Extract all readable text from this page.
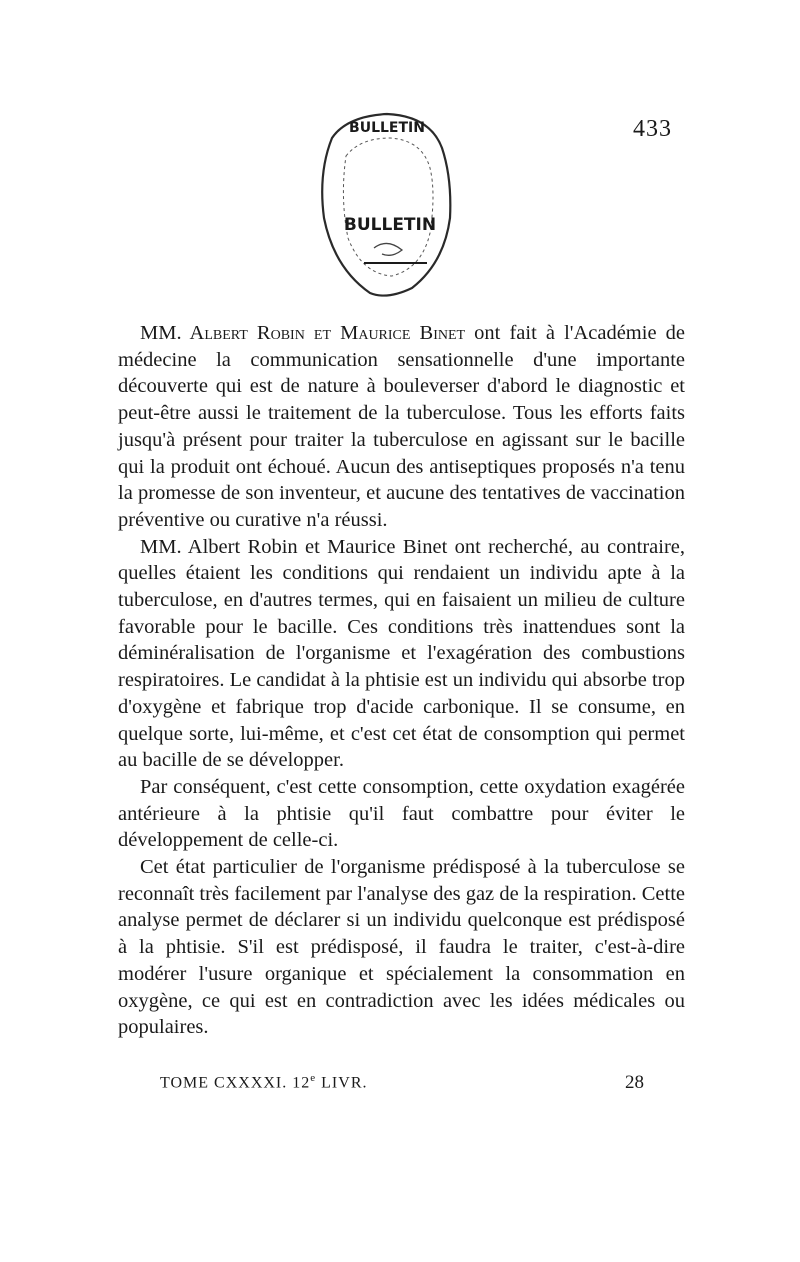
433
BULLETIN
BULLETIN

MM. Albert Robin et Maurice Binet ont fait à l'Académie de médecine la communication sensationnelle d'une importante découverte qui est de nature à bouleverser d'abord le diagnostic et peut-être aussi le traitement de la tuberculose. Tous les efforts faits jusqu'à présent pour traiter la tuberculose en agissant sur le bacille qui la produit ont échoué. Aucun des antiseptiques proposés n'a tenu la promesse de son inventeur, et aucune des tentatives de vaccination préventive ou curative n'a réussi.

MM. Albert Robin et Maurice Binet ont recherché, au contraire, quelles étaient les conditions qui rendaient un individu apte à la tuberculose, en d'autres termes, qui en faisaient un milieu de culture favorable pour le bacille. Ces conditions très inattendues sont la déminéralisation de l'organisme et l'exagération des combustions respiratoires. Le candidat à la phtisie est un individu qui absorbe trop d'oxygène et fabrique trop d'acide carbonique. Il se consume, en quelque sorte, lui-même, et c'est cet état de consomption qui permet au bacille de se développer.

Par conséquent, c'est cette consomption, cette oxydation exagérée antérieure à la phtisie qu'il faut combattre pour éviter le développement de celle-ci.

Cet état particulier de l'organisme prédisposé à la tuberculose se reconnaît très facilement par l'analyse des gaz de la respiration. Cette analyse permet de déclarer si un individu quelconque est prédisposé à la phtisie. S'il est prédisposé, il faudra le traiter, c'est-à-dire modérer l'usure organique et spécialement la consommation en oxygène, ce qui est en contradiction avec les idées médicales ou populaires.

TOME CXXXXI. 12e LIVR.	28
